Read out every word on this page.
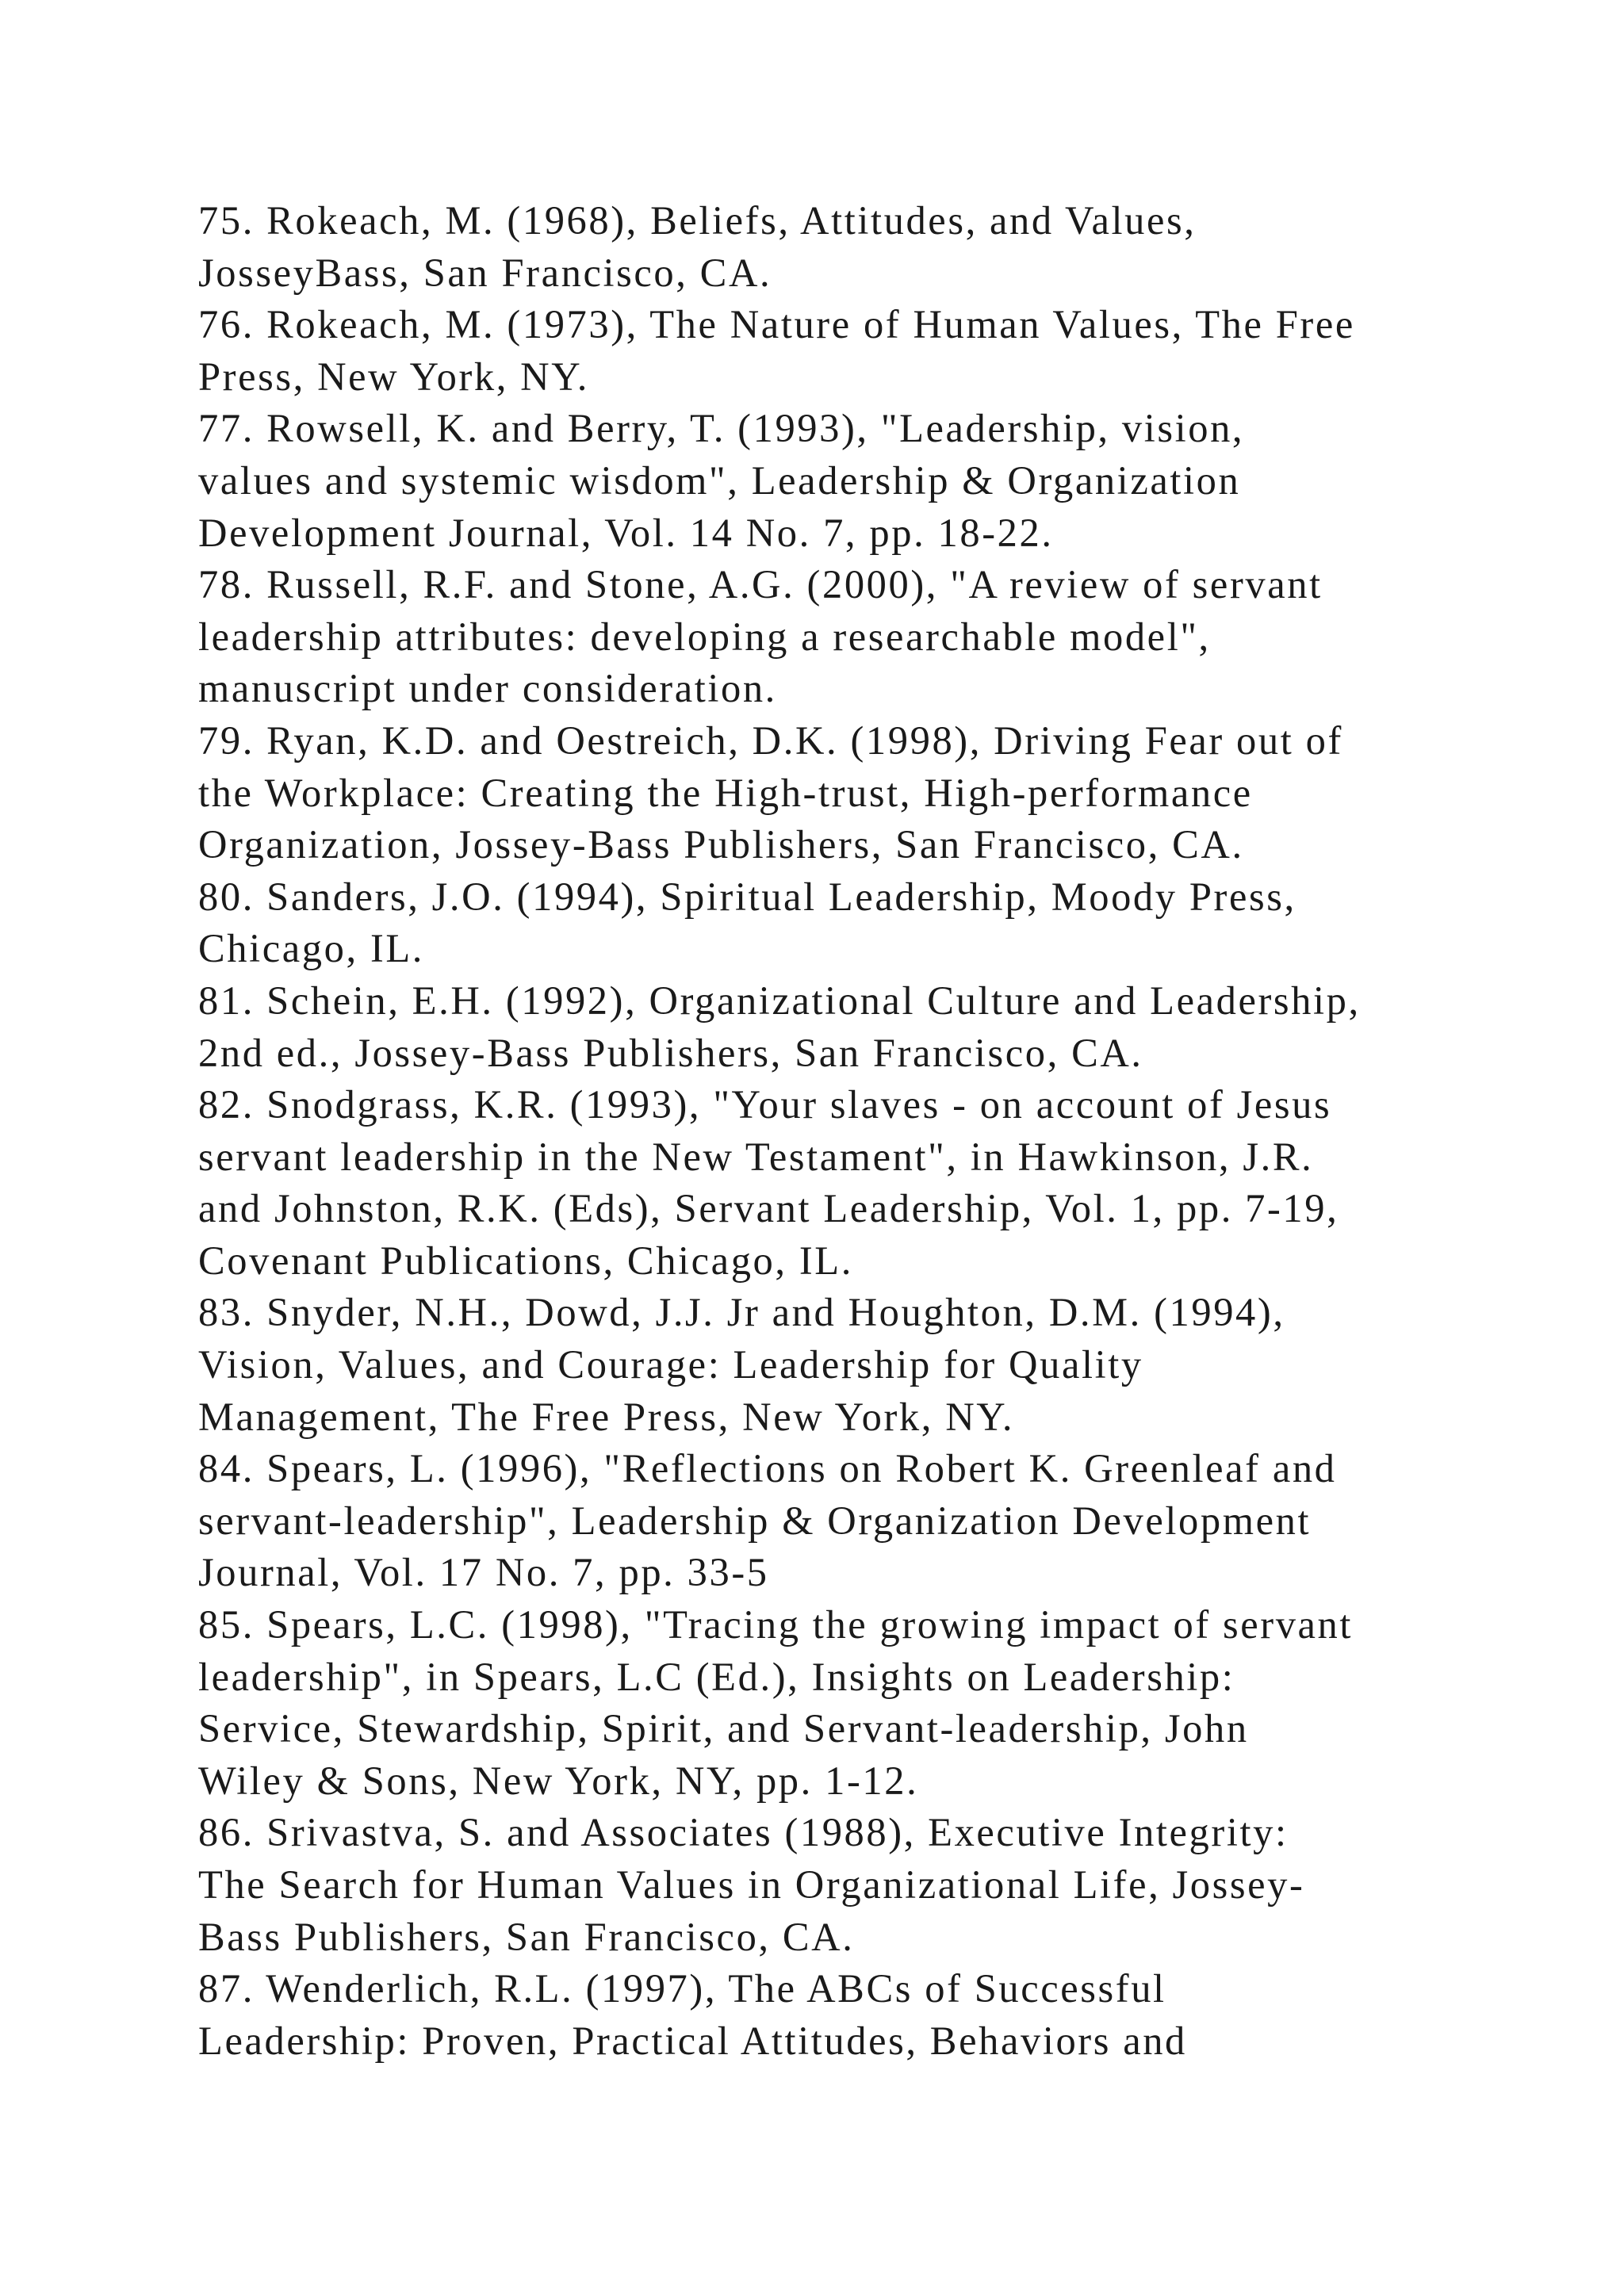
75. Rokeach, M. (1968), Beliefs, Attitudes, and Values,
JosseyBass, San Francisco, CA.
76. Rokeach, M. (1973), The Nature of Human Values, The Free
Press, New York, NY.
77. Rowsell, K. and Berry, T. (1993), "Leadership, vision,
values and systemic wisdom", Leadership & Organization
Development Journal, Vol. 14 No. 7, pp. 18-22.
78. Russell, R.F. and Stone, A.G. (2000), "A review of servant
leadership attributes: developing a researchable model",
manuscript under consideration.
79. Ryan, K.D. and Oestreich, D.K. (1998), Driving Fear out of
the Workplace: Creating the High-trust, High-performance
Organization, Jossey-Bass Publishers, San Francisco, CA.
80. Sanders, J.O. (1994), Spiritual Leadership, Moody Press,
Chicago, IL.
81. Schein, E.H. (1992), Organizational Culture and Leadership,
2nd ed., Jossey-Bass Publishers, San Francisco, CA.
82. Snodgrass, K.R. (1993), "Your slaves - on account of Jesus
servant leadership in the New Testament", in Hawkinson, J.R.
and Johnston, R.K. (Eds), Servant Leadership, Vol. 1, pp. 7-19,
Covenant Publications, Chicago, IL.
83. Snyder, N.H., Dowd, J.J. Jr and Houghton, D.M. (1994),
Vision, Values, and Courage: Leadership for Quality
Management, The Free Press, New York, NY.
84. Spears, L. (1996), "Reflections on Robert K. Greenleaf and
servant-leadership", Leadership & Organization Development
Journal, Vol. 17 No. 7, pp. 33-5
85. Spears, L.C. (1998), "Tracing the growing impact of servant
leadership", in Spears, L.C (Ed.), Insights on Leadership:
Service, Stewardship, Spirit, and Servant-leadership, John
Wiley & Sons, New York, NY, pp. 1-12.
86. Srivastva, S. and Associates (1988), Executive Integrity:
The Search for Human Values in Organizational Life, Jossey-
Bass Publishers, San Francisco, CA.
87. Wenderlich, R.L. (1997), The ABCs of Successful
Leadership: Proven, Practical Attitudes, Behaviors and
